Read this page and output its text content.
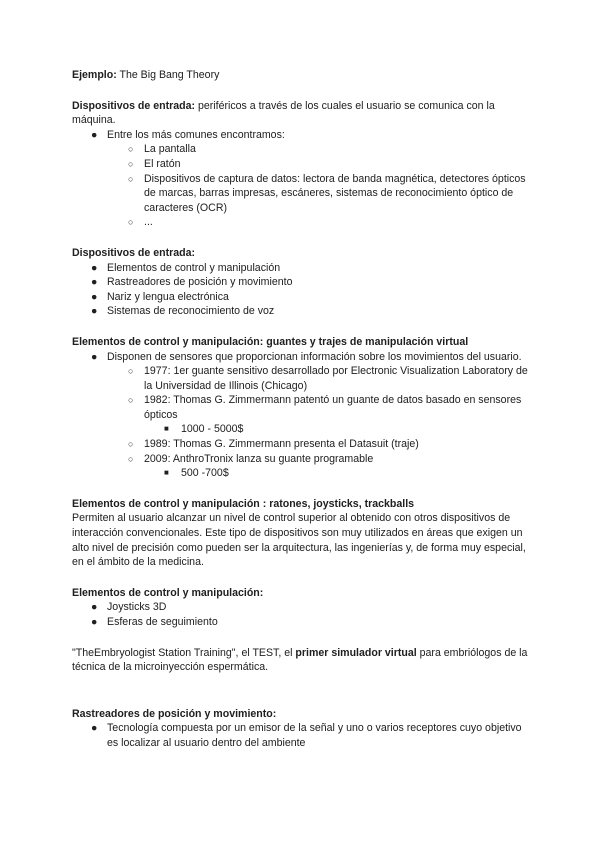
Ejemplo: The Big Bang Theory

Dispositivos de entrada: periféricos a través de los cuales el usuario se comunica con la máquina.

● Entre los más comunes encontramos:
○ La pantalla
○ El ratón
○ Dispositivos de captura de datos: lectora de banda magnética, detectores ópticos de marcas, barras impresas, escáneres, sistemas de reconocimiento óptico de caracteres (OCR)
○ ...

Dispositivos de entrada:

● Elementos de control y manipulación
● Rastreadores de posición y movimiento
● Nariz y lengua electrónica
● Sistemas de reconocimiento de voz

Elementos de control y manipulación: guantes y trajes de manipulación virtual

● Disponen de sensores que proporcionan información sobre los movimientos del usuario.
○ 1977: 1er guante sensitivo desarrollado por Electronic Visualization Laboratory de la Universidad de Illinois (Chicago)
○ 1982: Thomas G. Zimmermann patentó un guante de datos basado en sensores ópticos
■ 1000 - 5000$
○ 1989: Thomas G. Zimmermann presenta el Datasuit (traje)
○ 2009: AnthroTronix lanza su guante programable
■ 500 -700$

Elementos de control y manipulación : ratones, joysticks, trackballs

Permiten al usuario alcanzar un nivel de control superior al obtenido con otros dispositivos de interacción convencionales. Este tipo de dispositivos son muy utilizados en áreas que exigen un alto nivel de precisión como pueden ser la arquitectura, las ingenierías y, de forma muy especial, en el ámbito de la medicina.

Elementos de control y manipulación:

● Joysticks 3D
● Esferas de seguimiento

"TheEmbryologist Station Training", el TEST, el primer simulador virtual para embriólogos de la técnica de la microinyección espermática.

Rastreadores de posición y movimiento:

● Tecnología compuesta por un emisor de la señal y uno o varios receptores cuyo objetivo es localizar al usuario dentro del ambiente
